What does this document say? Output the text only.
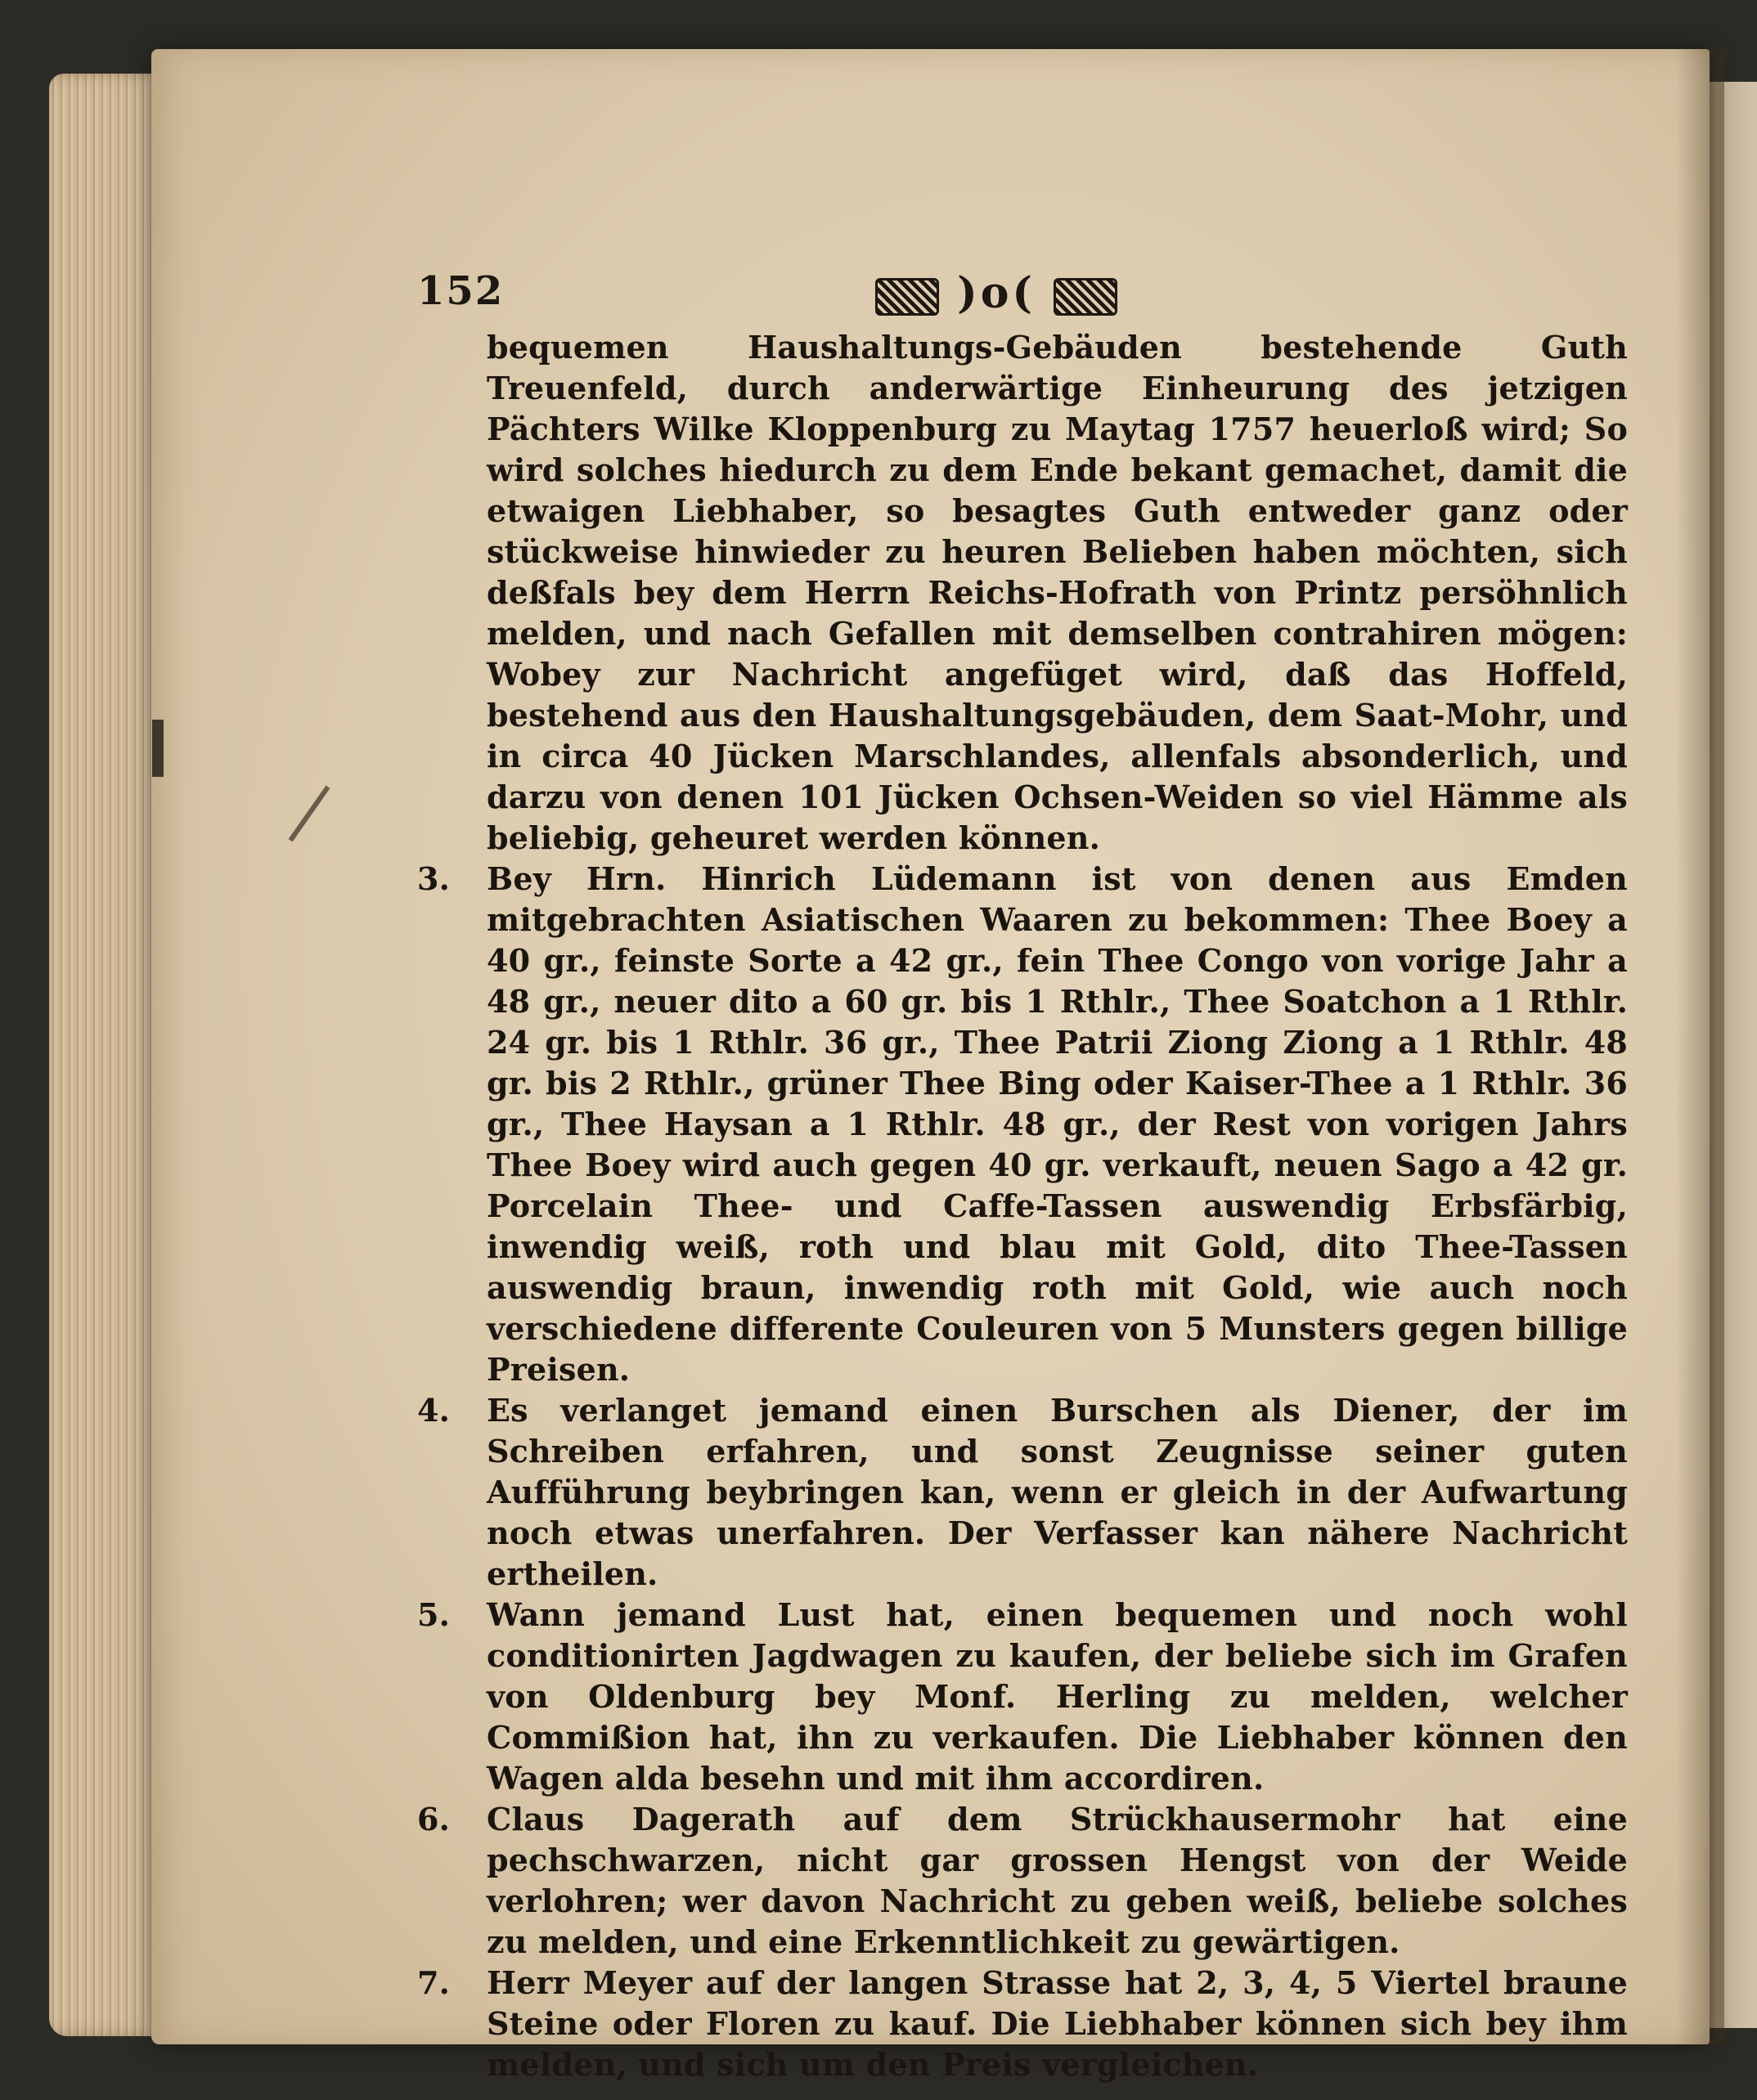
152	)o(

bequemen Haushaltungs-Gebäuden bestehende Guth Treuenfeld, durch anderwärtige Einheurung des jetzigen Pächters Wilke Kloppenburg zu Maytag 1757 heuerloß wird; So wird solches hiedurch zu dem Ende bekant gemachet, damit die etwaigen Liebhaber, so besagtes Guth entweder ganz oder stückweise hinwieder zu heuren Belieben haben möchten, sich deßfals bey dem Herrn Reichs-Hofrath von Printz persöhnlich melden, und nach Gefallen mit demselben contrahiren mögen: Wobey zur Nachricht angefüget wird, daß das Hoffeld, bestehend aus den Haushaltungsgebäuden, dem Saat-Mohr, und in circa 40 Jücken Marschlandes, allenfals absonderlich, und darzu von denen 101 Jücken Ochsen-Weiden so viel Hämme als beliebig, geheuret werden können.

3. Bey Hrn. Hinrich Lüdemann ist von denen aus Emden mitgebrachten Asiatischen Waaren zu bekommen: Thee Boey a 40 gr., feinste Sorte a 42 gr., fein Thee Congo von vorige Jahr a 48 gr., neuer dito a 60 gr. bis 1 Rthlr., Thee Soatchon a 1 Rthlr. 24 gr. bis 1 Rthlr. 36 gr., Thee Patrii Ziong Ziong a 1 Rthlr. 48 gr. bis 2 Rthlr., grüner Thee Bing oder Kaiser-Thee a 1 Rthlr. 36 gr., Thee Haysan a 1 Rthlr. 48 gr., der Rest von vorigen Jahrs Thee Boey wird auch gegen 40 gr. verkauft, neuen Sago a 42 gr. Porcelain Thee- und Caffe-Tassen auswendig Erbsfärbig, inwendig weiß, roth und blau mit Gold, dito Thee-Tassen auswendig braun, inwendig roth mit Gold, wie auch noch verschiedene differente Couleuren von 5 Munsters gegen billige Preisen.

4. Es verlanget jemand einen Burschen als Diener, der im Schreiben erfahren, und sonst Zeugnisse seiner guten Aufführung beybringen kan, wenn er gleich in der Aufwartung noch etwas unerfahren. Der Verfasser kan nähere Nachricht ertheilen.

5. Wann jemand Lust hat, einen bequemen und noch wohl conditionirten Jagdwagen zu kaufen, der beliebe sich im Grafen von Oldenburg bey Monf. Herling zu melden, welcher Commißion hat, ihn zu verkaufen. Die Liebhaber können den Wagen alda besehn und mit ihm accordiren.

6. Claus Dagerath auf dem Strückhausermohr hat eine pechschwarzen, nicht gar grossen Hengst von der Weide verlohren; wer davon Nachricht zu geben weiß, beliebe solches zu melden, und eine Erkenntlichkeit zu gewärtigen.

7. Herr Meyer auf der langen Strasse hat 2, 3, 4, 5 Viertel braune Steine oder Floren zu kauf. Die Liebhaber können sich bey ihm melden, und sich um den Preis vergleichen.
